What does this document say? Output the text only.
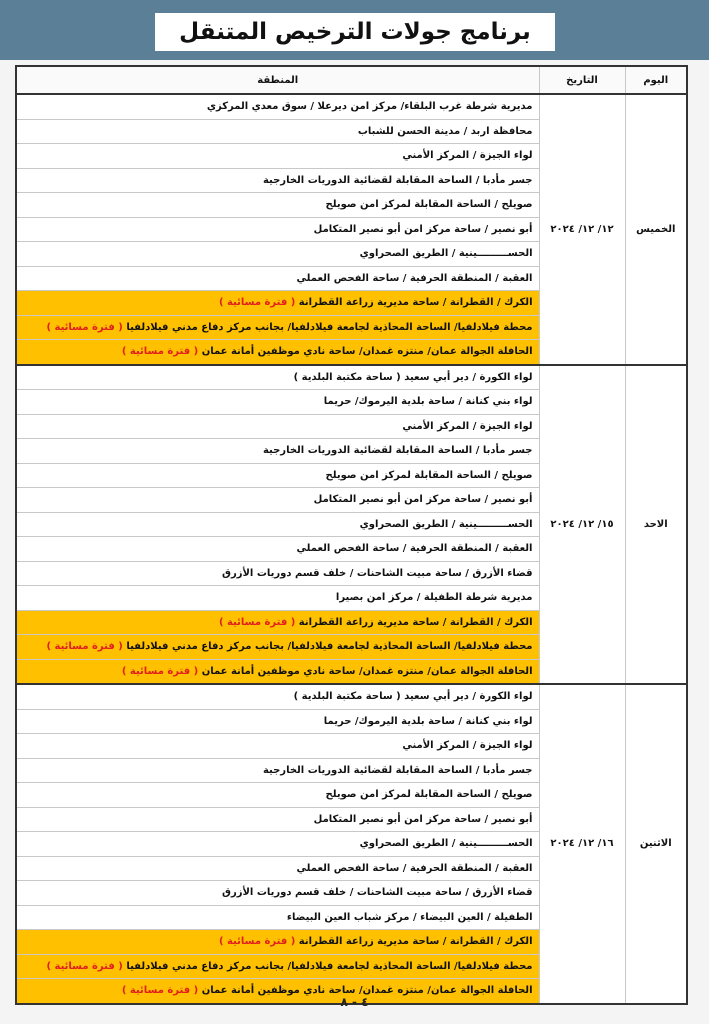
برنامج جولات الترخيص المتنقل
اليوم	التاريخ	المنطقة
الخميس	١٢/ ١٢/ ٢٠٢٤	مديرية شرطة غرب البلقاء/ مركز امن ديرعلا / سوق معدي المركزي
		محافظة اربد / مدينة الحسن للشباب
		لواء الجيزة / المركز الأمني
		جسر مأدبا / الساحة المقابلة لقضائية الدوريات الخارجية
		صويلح / الساحة المقابلة لمركز امن صويلح
		أبو نصير / ساحة مركز امن أبو نصير المتكامل
		الحســـــــــينية / الطريق الصحراوي
		العقبة / المنطقة الحرفية / ساحة الفحص العملي
		الكرك / القطرانة / ساحة مديرية زراعة القطرانة ( فترة مسائية )
		محطة فيلادلفيا/ الساحة المحاذية لجامعة فيلادلفيا/ بجانب مركز دفاع مدني فيلادلفيا ( فترة مسائية )
		الحافلة الجوالة عمان/ منتزه غمدان/ ساحة نادي موظفين أمانة عمان ( فترة مسائية )
الاحد	١٥/ ١٢/ ٢٠٢٤	لواء الكورة / دير أبي سعيد ( ساحة مكتبة البلدية )
		لواء بني كنانة / ساحة بلدية اليرموك/ حريما
		لواء الجيزة / المركز الأمني
		جسر مأدبا / الساحة المقابلة لقضائية الدوريات الخارجية
		صويلح / الساحة المقابلة لمركز امن صويلح
		أبو نصير / ساحة مركز امن أبو نصير المتكامل
		الحســـــــــينية / الطريق الصحراوي
		العقبة / المنطقة الحرفية / ساحة الفحص العملي
		قضاء الأزرق / ساحة مبيت الشاحنات / خلف قسم دوريات الأزرق
		مديرية شرطة الطفيلة / مركز امن بصيرا
		الكرك / القطرانة / ساحة مديرية زراعة القطرانة ( فترة مسائية )
		محطة فيلادلفيا/ الساحة المحاذية لجامعة فيلادلفيا/ بجانب مركز دفاع مدني فيلادلفيا ( فترة مسائية )
		الحافلة الجوالة عمان/ منتزه غمدان/ ساحة نادي موظفين أمانة عمان ( فترة مسائية )
الاثنين	١٦/ ١٢/ ٢٠٢٤	لواء الكورة / دير أبي سعيد ( ساحة مكتبة البلدية )
		لواء بني كنانة / ساحة بلدية اليرموك/ حريما
		لواء الجيزة / المركز الأمني
		جسر مأدبا / الساحة المقابلة لقضائية الدوريات الخارجية
		صويلح / الساحة المقابلة لمركز امن صويلح
		أبو نصير / ساحة مركز امن أبو نصير المتكامل
		الحســـــــــينية / الطريق الصحراوي
		العقبة / المنطقة الحرفية / ساحة الفحص العملي
		قضاء الأزرق / ساحة مبيت الشاحنات / خلف قسم دوريات الأزرق
		الطفيلة / العين البيضاء / مركز شباب العين البيضاء
		الكرك / القطرانة / ساحة مديرية زراعة القطرانة ( فترة مسائية )
		محطة فيلادلفيا/ الساحة المحاذية لجامعة فيلادلفيا/ بجانب مركز دفاع مدني فيلادلفيا ( فترة مسائية )
		الحافلة الجوالة عمان/ منتزه غمدان/ ساحة نادي موظفين أمانة عمان ( فترة مسائية )
٤ - ٨
